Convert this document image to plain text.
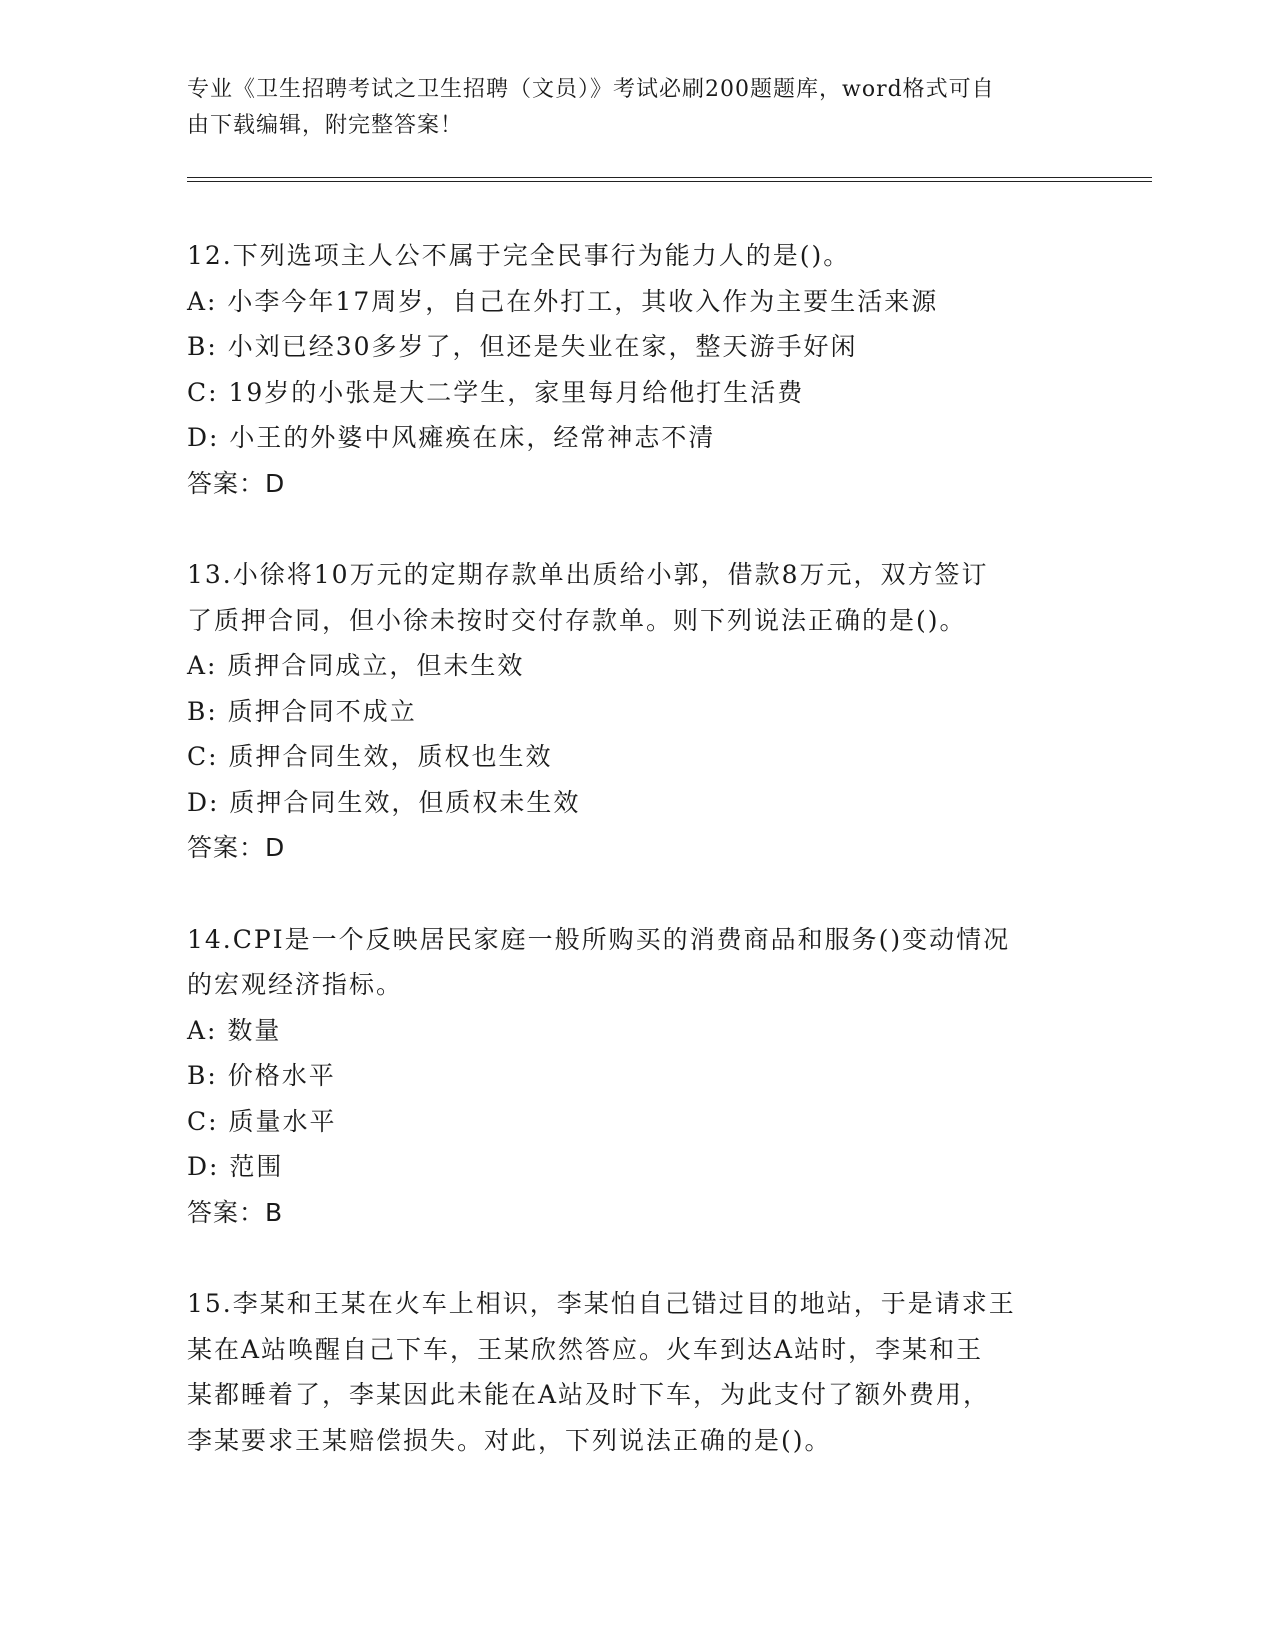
专业《卫生招聘考试之卫生招聘（文员）》考试必刷200题题库，word格式可自
由下载编辑，附完整答案！
12.下列选项主人公不属于完全民事行为能力人的是()。
A: 小李今年17周岁，自己在外打工，其收入作为主要生活来源
B: 小刘已经30多岁了，但还是失业在家，整天游手好闲
C: 19岁的小张是大二学生，家里每月给他打生活费
D: 小王的外婆中风瘫痪在床，经常神志不清
答案：D
13.小徐将10万元的定期存款单出质给小郭，借款8万元，双方签订
了质押合同，但小徐未按时交付存款单。则下列说法正确的是()。
A: 质押合同成立，但未生效
B: 质押合同不成立
C: 质押合同生效，质权也生效
D: 质押合同生效，但质权未生效
答案：D
14.CPI是一个反映居民家庭一般所购买的消费商品和服务()变动情况
的宏观经济指标。
A: 数量
B: 价格水平
C: 质量水平
D: 范围
答案：B
15.李某和王某在火车上相识，李某怕自己错过目的地站，于是请求王
某在A站唤醒自己下车，王某欣然答应。火车到达A站时，李某和王
某都睡着了，李某因此未能在A站及时下车，为此支付了额外费用，
李某要求王某赔偿损失。对此，下列说法正确的是()。
